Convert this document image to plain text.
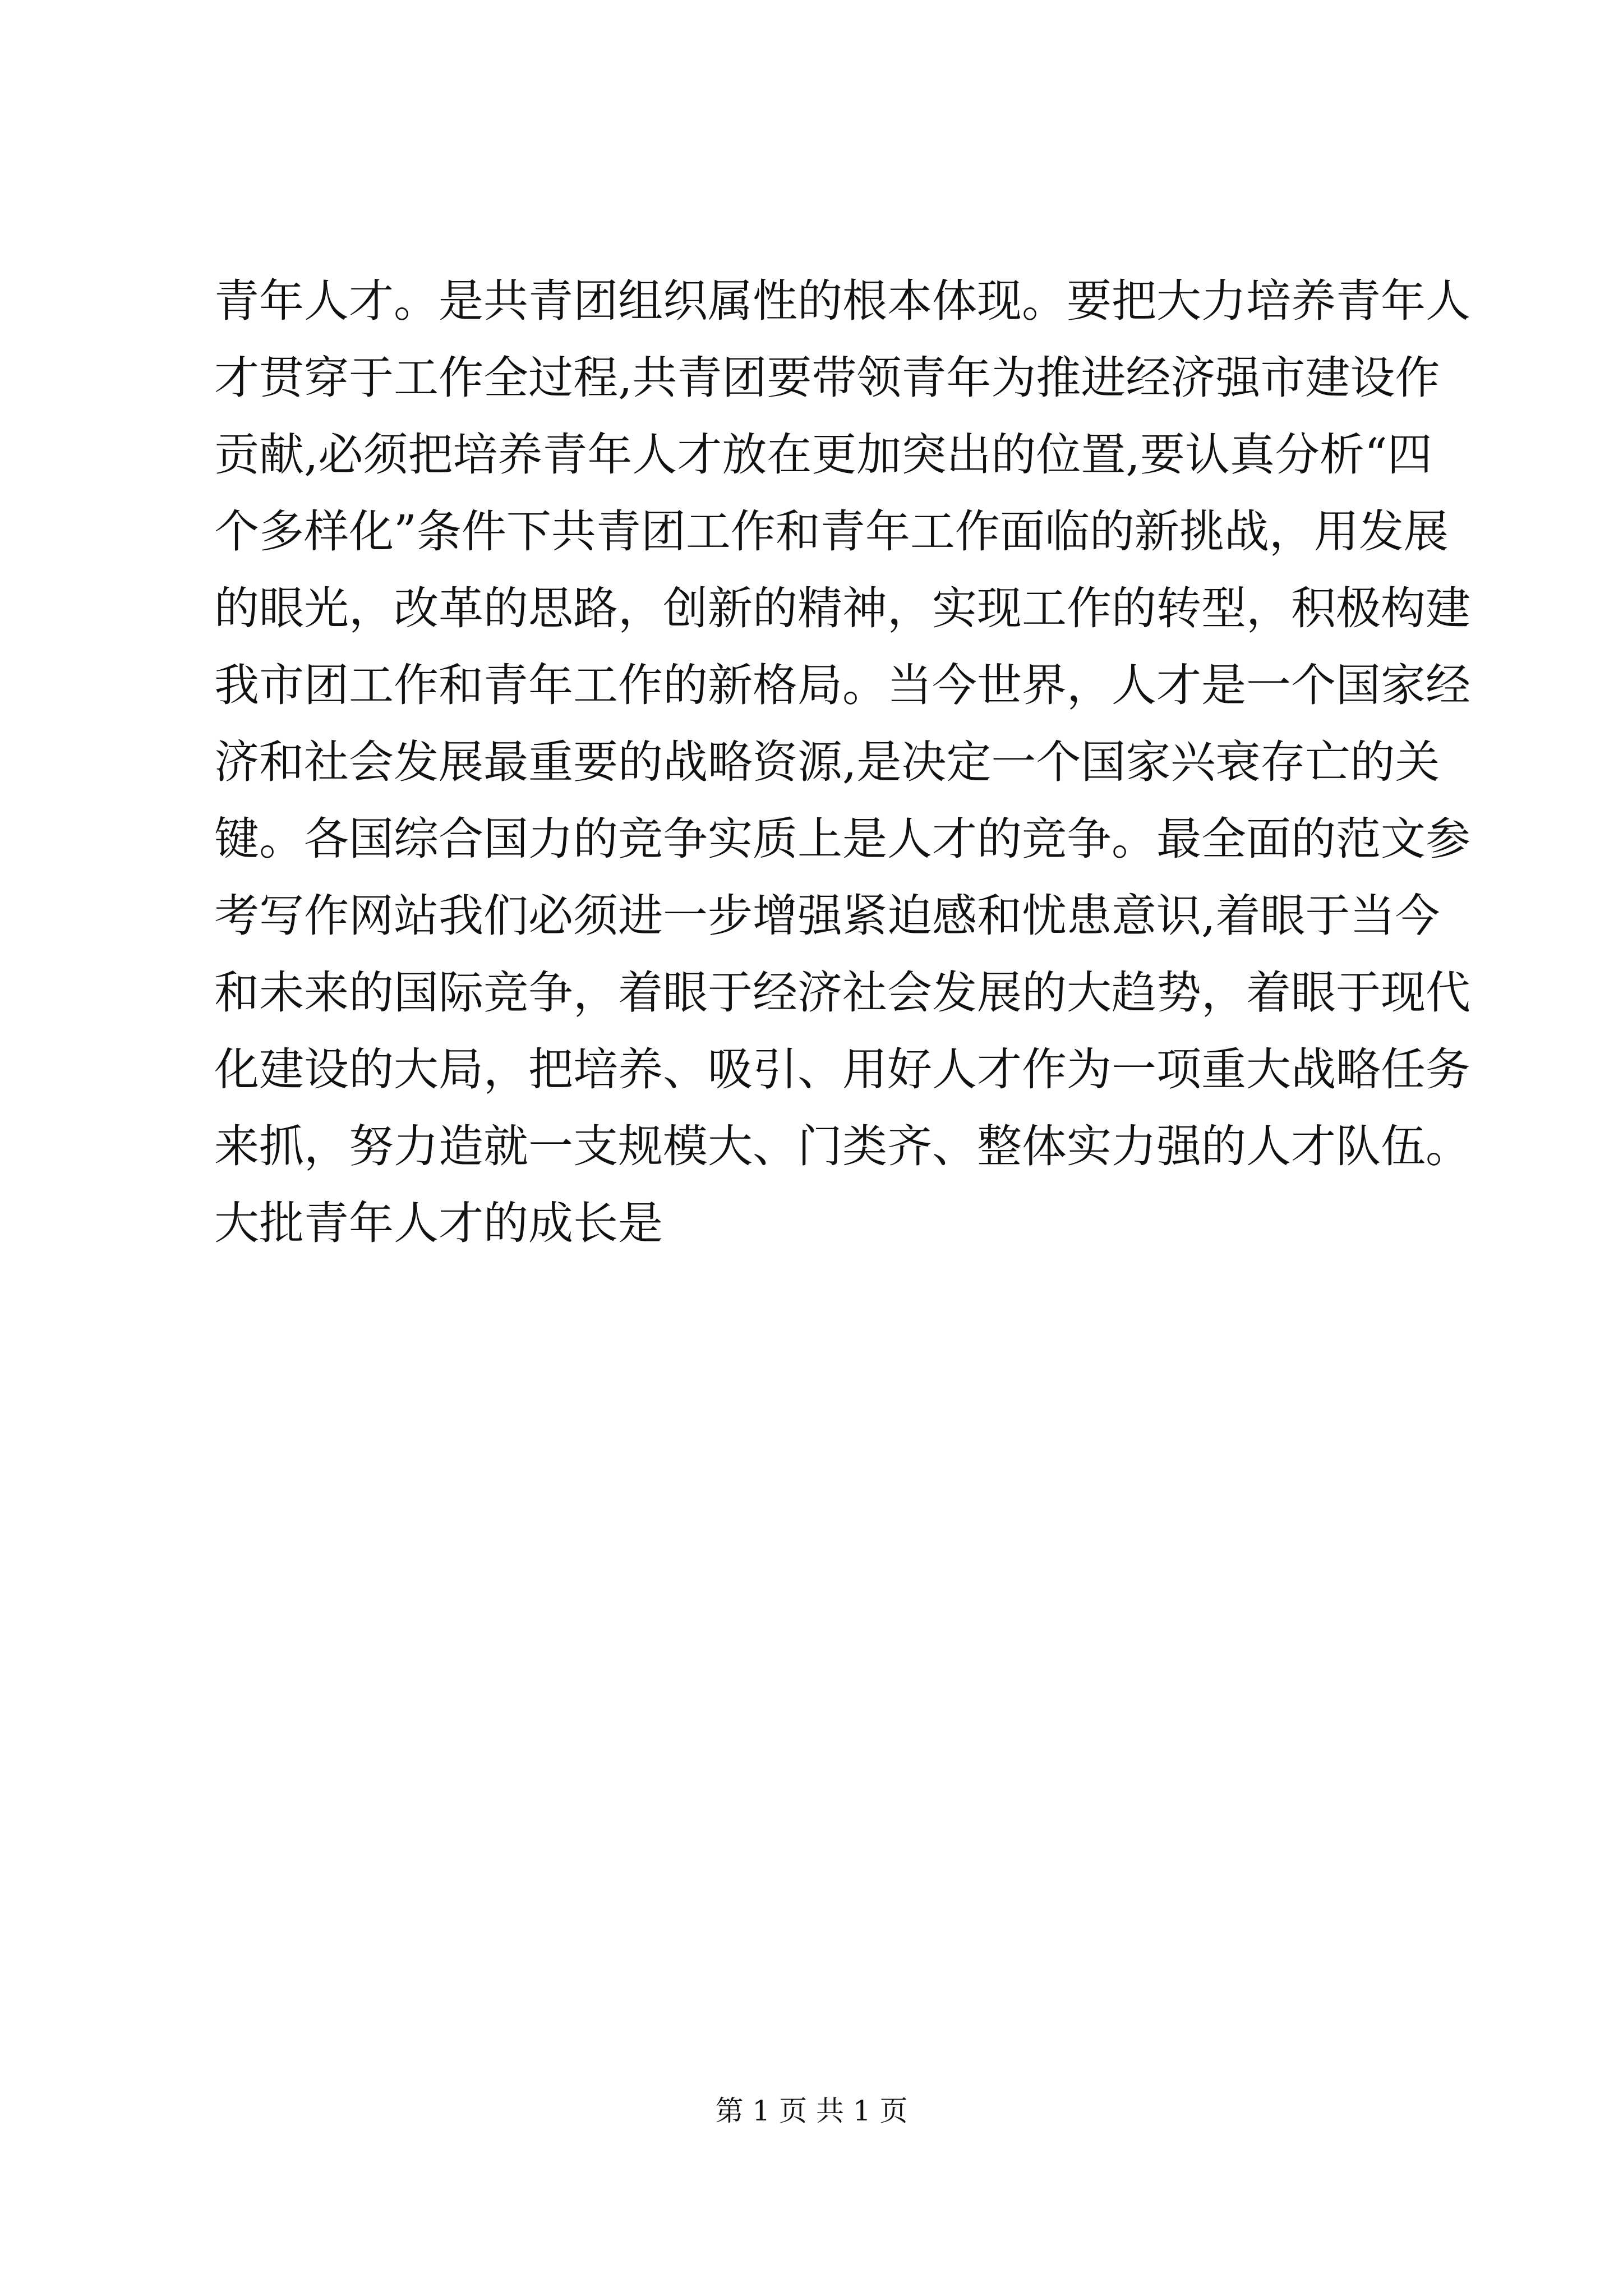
青年人才。是共青团组织属性的根本体现。要把大力培养青年人
才贯穿于工作全过程,共青团要带领青年为推进经济强市建设作
贡献,必须把培养青年人才放在更加突出的位置,要认真分析“四
个多样化”条件下共青团工作和青年工作面临的新挑战，用发展
的眼光，改革的思路，创新的精神，实现工作的转型，积极构建
我市团工作和青年工作的新格局。当今世界，人才是一个国家经
济和社会发展最重要的战略资源,是决定一个国家兴衰存亡的关
键。各国综合国力的竞争实质上是人才的竞争。最全面的范文参
考写作网站我们必须进一步增强紧迫感和忧患意识,着眼于当今
和未来的国际竞争，着眼于经济社会发展的大趋势，着眼于现代
化建设的大局，把培养、吸引、用好人才作为一项重大战略任务
来抓，努力造就一支规模大、门类齐、整体实力强的人才队伍。
大批青年人才的成长是
第 1 页 共 1 页
